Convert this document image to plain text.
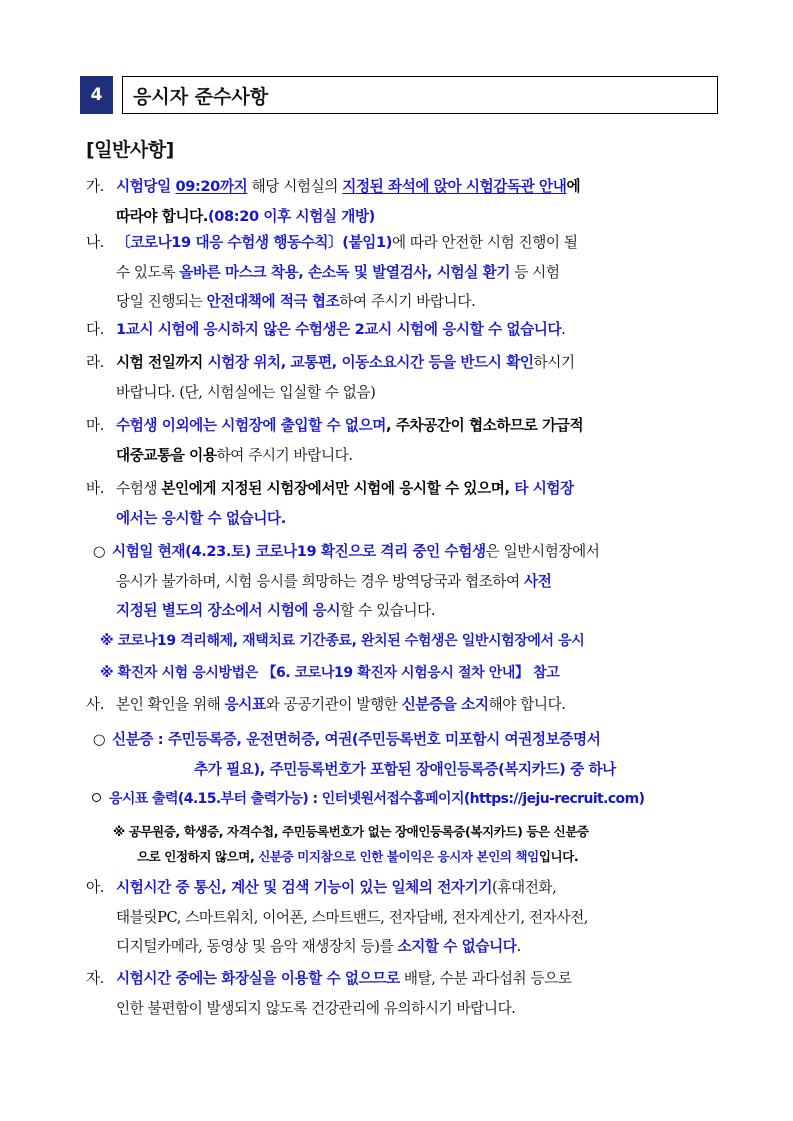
4	응시자 준수사항
[일반사항]
가. 시험당일 09:20까지 해당 시험실의 지정된 좌석에 앉아 시험감독관 안내에
따라야 합니다.(08:20 이후 시험실 개방)
나. 〔코로나19 대응 수험생 행동수칙〕(붙임1)에 따라 안전한 시험 진행이 될
수 있도록 올바른 마스크 착용, 손소독 및 발열검사, 시험실 환기 등 시험
당일 진행되는 안전대책에 적극 협조하여 주시기 바랍니다.
다. 1교시 시험에 응시하지 않은 수험생은 2교시 시험에 응시할 수 없습니다.
라. 시험 전일까지 시험장 위치, 교통편, 이동소요시간 등을 반드시 확인하시기
바랍니다. (단, 시험실에는 입실할 수 없음)
마. 수험생 이외에는 시험장에 출입할 수 없으며, 주차공간이 협소하므로 가급적
대중교통을 이용하여 주시기 바랍니다.
바. 수험생 본인에게 지정된 시험장에서만 시험에 응시할 수 있으며, 타 시험장
에서는 응시할 수 없습니다.
○ 시험일 현재(4.23.토) 코로나19 확진으로 격리 중인 수험생은 일반시험장에서
응시가 불가하며, 시험 응시를 희망하는 경우 방역당국과 협조하여 사전
지정된 별도의 장소에서 시험에 응시할 수 있습니다.
※ 코로나19 격리해제, 재택치료 기간종료, 완치된 수험생은 일반시험장에서 응시
※ 확진자 시험 응시방법은 【6. 코로나19 확진자 시험응시 절차 안내】 참고
사. 본인 확인을 위해 응시표와 공공기관이 발행한 신분증을 소지해야 합니다.
○ 신분증 : 주민등록증, 운전면허증, 여권(주민등록번호 미포함시 여권정보증명서
추가 필요), 주민등록번호가 포함된 장애인등록증(복지카드) 중 하나
응시표 출력(4.15.부터 출력가능) : 인터넷원서접수홈페이지(https://jeju-recruit.com)
※ 공무원증, 학생증, 자격수첩, 주민등록번호가 없는 장애인등록증(복지카드) 등은 신분증
으로 인정하지 않으며, 신분증 미지참으로 인한 불이익은 응시자 본인의 책임입니다.
아. 시험시간 중 통신, 계산 및 검색 기능이 있는 일체의 전자기기(휴대전화,
태블릿PC, 스마트워치, 이어폰, 스마트밴드, 전자담배, 전자계산기, 전자사전,
디지털카메라, 동영상 및 음악 재생장치 등)를 소지할 수 없습니다.
자. 시험시간 중에는 화장실을 이용할 수 없으므로 배탈, 수분 과다섭취 등으로
인한 불편함이 발생되지 않도록 건강관리에 유의하시기 바랍니다.
